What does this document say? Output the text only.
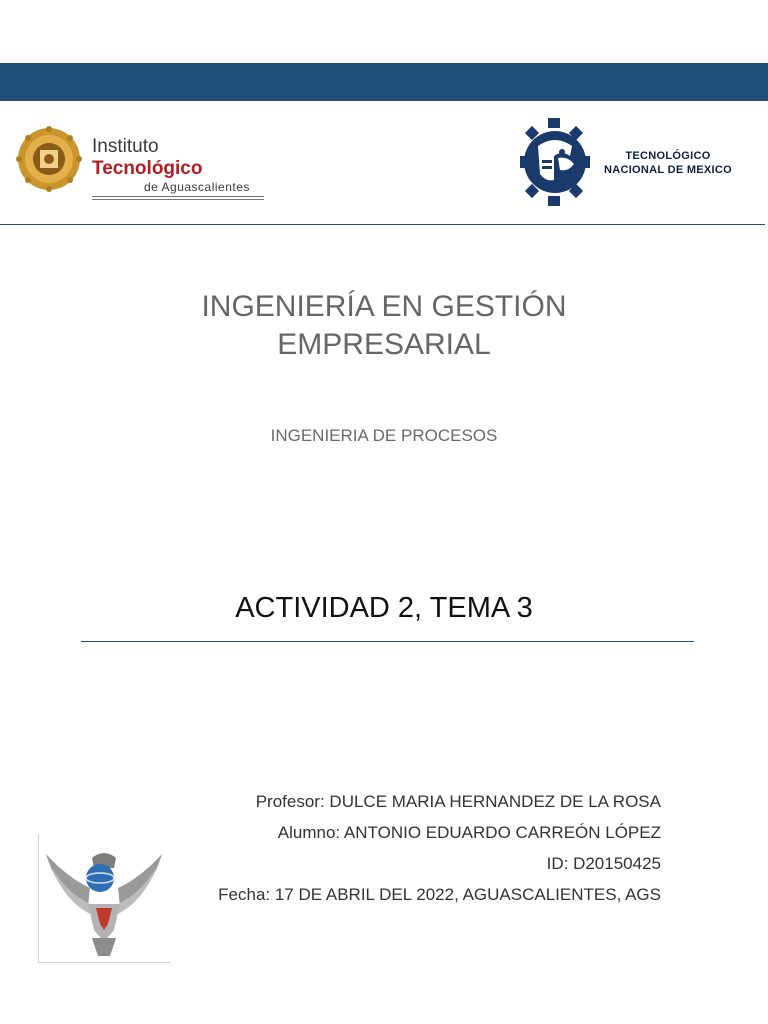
Instituto Tecnológico
de Aguascalientes
TECNOLÓGICO
NACIONAL DE MEXICO
INGENIERÍA EN GESTIÓN
EMPRESARIAL
INGENIERIA DE PROCESOS
ACTIVIDAD 2, TEMA 3
Profesor: DULCE MARIA HERNANDEZ DE LA ROSA
Alumno: ANTONIO EDUARDO CARREÓN LÓPEZ
ID: D20150425
Fecha: 17 DE ABRIL DEL 2022, AGUASCALIENTES, AGS
